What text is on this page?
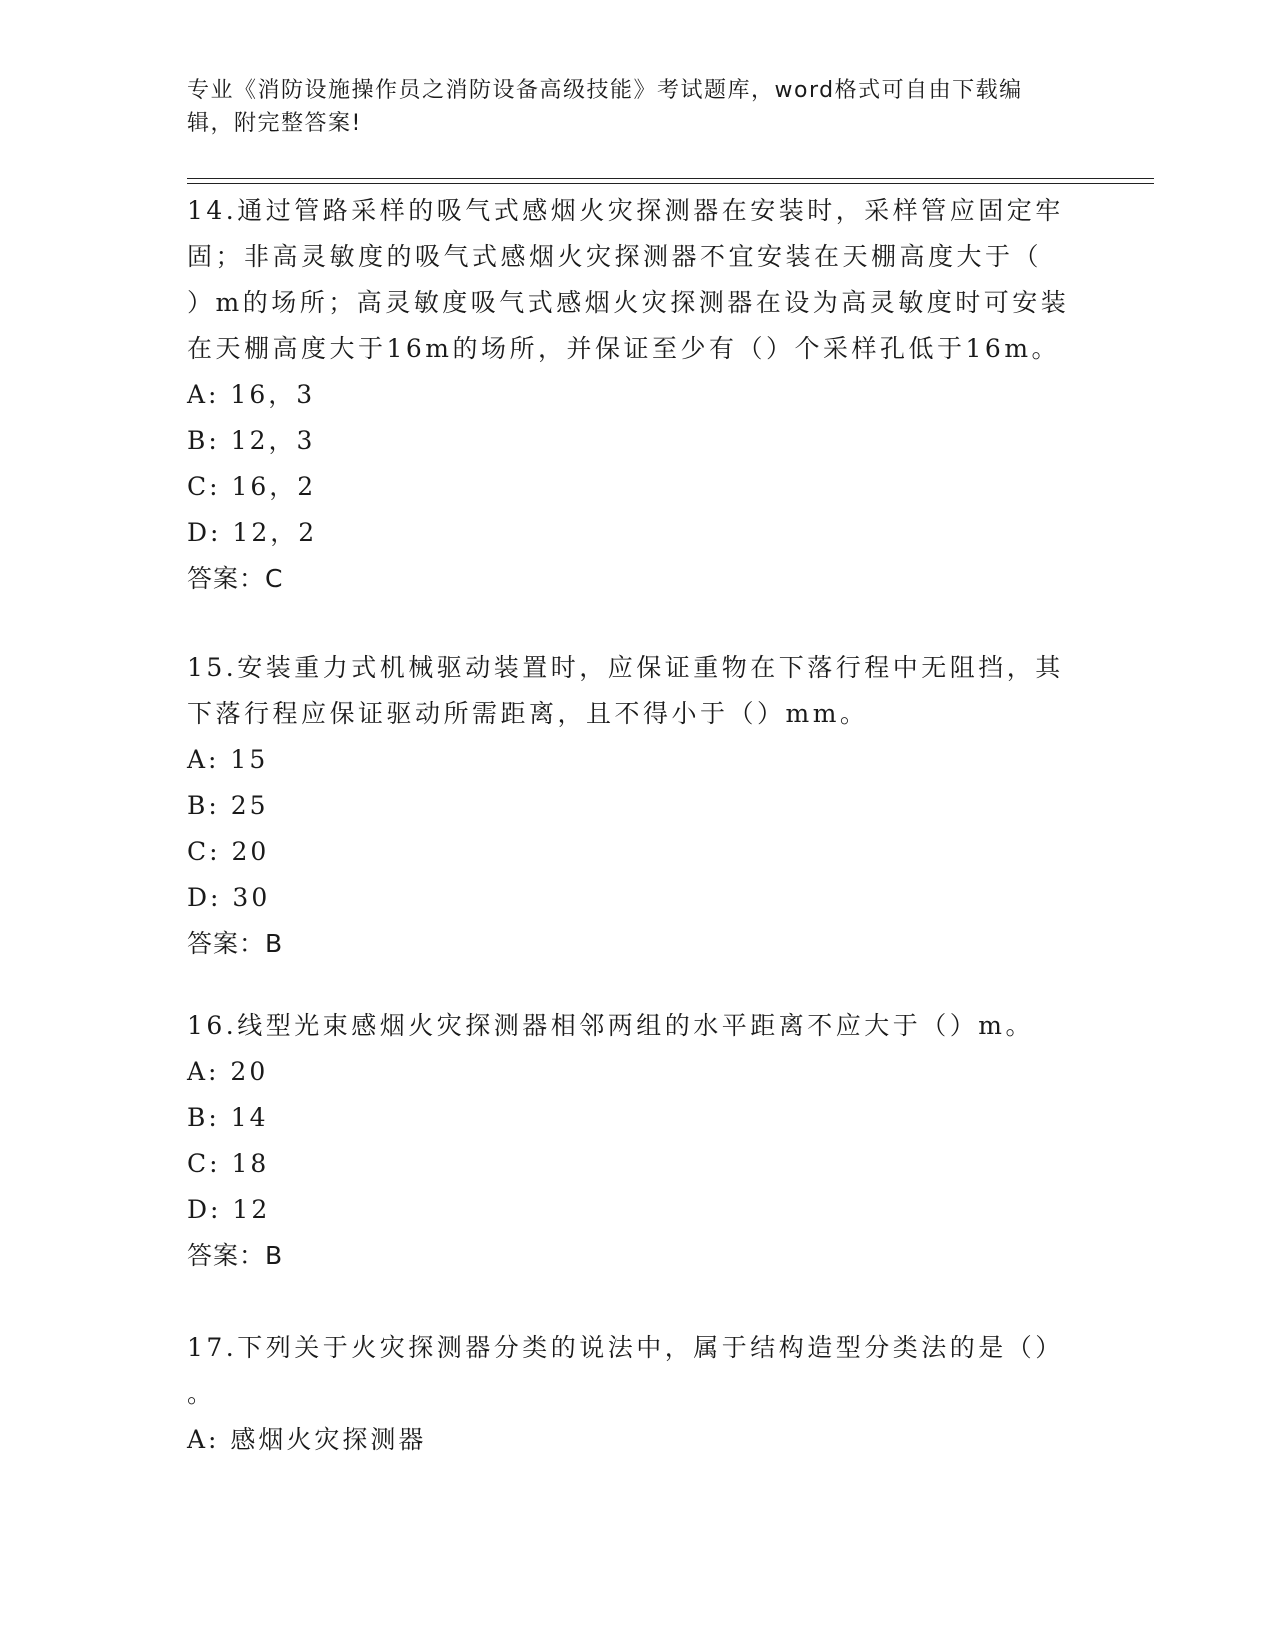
专业《消防设施操作员之消防设备高级技能》考试题库，word格式可自由下载编
辑，附完整答案!

14.通过管路采样的吸气式感烟火灾探测器在安装时，采样管应固定牢

固；非高灵敏度的吸气式感烟火灾探测器不宜安装在天棚高度大于（

）m的场所；高灵敏度吸气式感烟火灾探测器在设为高灵敏度时可安装

在天棚高度大于16m的场所，并保证至少有（）个采样孔低于16m。

A: 16，3

B: 12，3

C: 16，2

D: 12，2

答案：C

15.安装重力式机械驱动装置时，应保证重物在下落行程中无阻挡，其

下落行程应保证驱动所需距离，且不得小于（）mm。

A: 15

B: 25

C: 20

D: 30

答案：B

16.线型光束感烟火灾探测器相邻两组的水平距离不应大于（）m。

A: 20

B: 14

C: 18

D: 12

答案：B

17.下列关于火灾探测器分类的说法中，属于结构造型分类法的是（）

。

A: 感烟火灾探测器
